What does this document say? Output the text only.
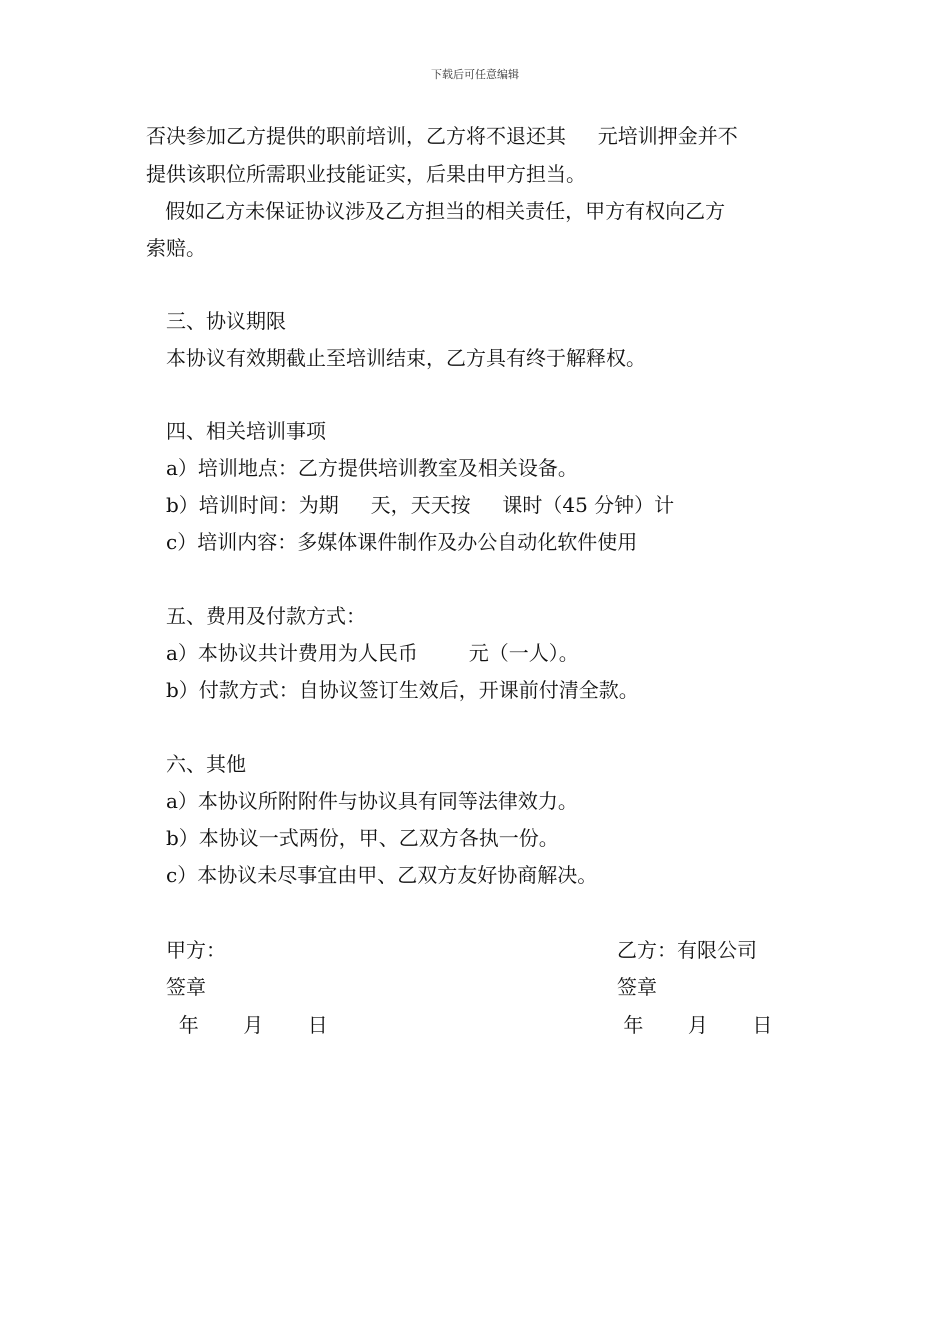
下载后可任意编辑
否决参加乙方提供的职前培训，乙方将不退还其     元培训押金并不
提供该职位所需职业技能证实，后果由甲方担当。
假如乙方未保证协议涉及乙方担当的相关责任，甲方有权向乙方
索赔。
三、协议期限
本协议有效期截止至培训结束，乙方具有终于解释权。
四、相关培训事项
a）培训地点：乙方提供培训教室及相关设备。
b）培训时间：为期     天，天天按     课时（45 分钟）计
c）培训内容：多媒体课件制作及办公自动化软件使用
五、费用及付款方式：
a）本协议共计费用为人民币        元（一人）。
b）付款方式：自协议签订生效后，开课前付清全款。
六、其他
a）本协议所附附件与协议具有同等法律效力。
b）本协议一式两份，甲、乙双方各执一份。
c）本协议未尽事宜由甲、乙双方友好协商解决。
甲方：
签章
年       月       日
乙方：有限公司
签章
年       月       日
